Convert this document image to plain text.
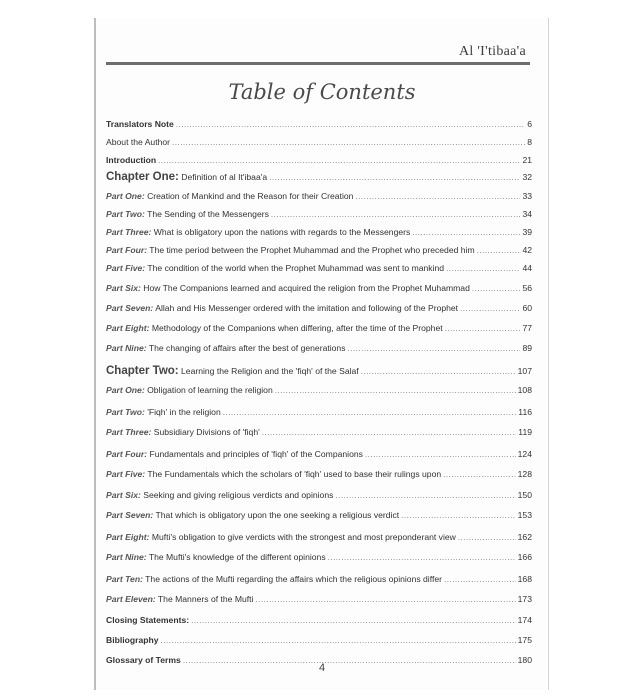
Al 'I'tibaa'a
Table of Contents
Translators Note .....	6
About the Author .....	8
Introduction .....	21
Chapter One: Definition of al It'ibaa'a .....	32
Part One: Creation of Mankind and the Reason for their Creation .....	33
Part Two: The Sending of the Messengers .....	34
Part Three: What is obligatory upon the nations with regards to the Messengers .....	39
Part Four: The time period between the Prophet Muhammad and the Prophet who preceded him .....	42
Part Five: The condition of the world when the Prophet Muhammad was sent to mankind .....	44
Part Six: How The Companions learned and acquired the religion from the Prophet Muhammad .....	56
Part Seven: Allah and His Messenger ordered with the imitation and following of the Prophet .....	60
Part Eight: Methodology of the Companions when differing, after the time of the Prophet .....	77
Part Nine: The changing of affairs after the best of generations .....	89
Chapter Two: Learning the Religion and the 'fiqh' of the Salaf .....	107
Part One: Obligation of learning the religion .....	108
Part Two: 'Fiqh' in the religion .....	116
Part Three: Subsidiary Divisions of 'fiqh' .....	119
Part Four: Fundamentals and principles of 'fiqh' of the Companions .....	124
Part Five: The Fundamentals which the scholars of 'fiqh' used to base their rulings upon .....	128
Part Six: Seeking and giving religious verdicts and opinions .....	150
Part Seven: That which is obligatory upon the one seeking a religious verdict .....	153
Part Eight: Mufti's obligation to give verdicts with the strongest and most preponderant view .....	162
Part Nine: The Mufti's knowledge of the different opinions .....	166
Part Ten: The actions of the Mufti regarding the affairs which the religious opinions differ .....	168
Part Eleven: The Manners of the Mufti .....	173
Closing Statements: .....	174
Bibliography .....	175
Glossary of Terms .....	180
4
